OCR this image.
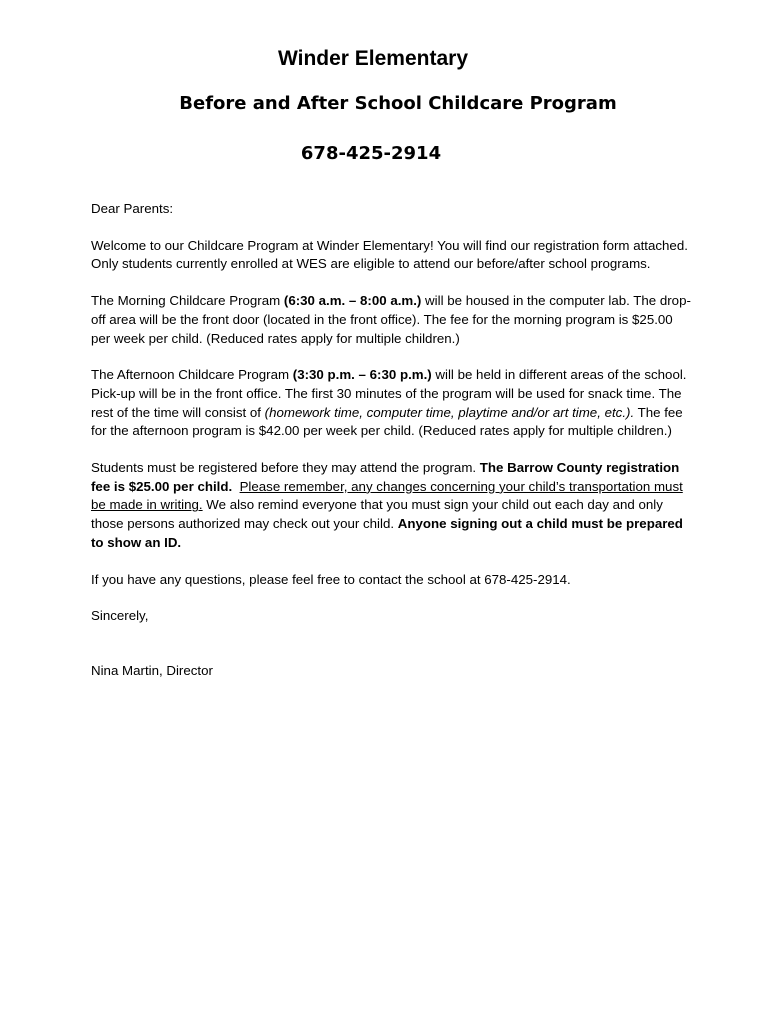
Winder Elementary
Before and After School Childcare Program
678-425-2914

Dear Parents:

Welcome to our Childcare Program at Winder Elementary! You will find our registration form attached. Only students currently enrolled at WES are eligible to attend our before/after school programs.

The Morning Childcare Program (6:30 a.m. – 8:00 a.m.) will be housed in the computer lab. The drop-off area will be the front door (located in the front office). The fee for the morning program is $25.00 per week per child. (Reduced rates apply for multiple children.)

The Afternoon Childcare Program (3:30 p.m. – 6:30 p.m.) will be held in different areas of the school. Pick-up will be in the front office. The first 30 minutes of the program will be used for snack time. The rest of the time will consist of (homework time, computer time, playtime and/or art time, etc.). The fee for the afternoon program is $42.00 per week per child. (Reduced rates apply for multiple children.)

Students must be registered before they may attend the program. The Barrow County registration fee is $25.00 per child. Please remember, any changes concerning your child’s transportation must be made in writing. We also remind everyone that you must sign your child out each day and only those persons authorized may check out your child. Anyone signing out a child must be prepared to show an ID.

If you have any questions, please feel free to contact the school at 678-425-2914.

Sincerely,

Nina Martin, Director
